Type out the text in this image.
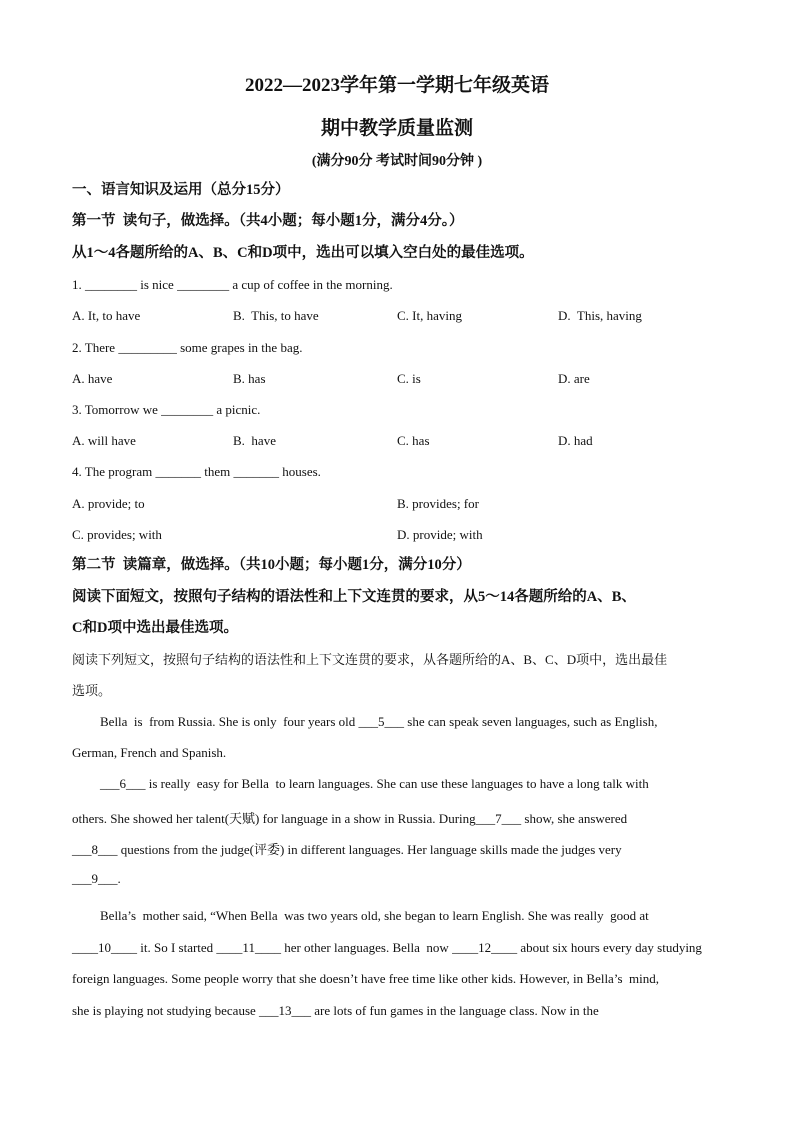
2022—2023学年第一学期七年级英语
期中教学质量监测
(满分90分 考试时间90分钟 )
一、语言知识及运用（总分15分）
第一节  读句子，做选择。（共4小题；每小题1分，满分4分。）
从1～4各题所给的A、B、C和D项中，选出可以填入空白处的最佳选项。
1. ________ is nice ________ a cup of coffee in the morning.
A. It, to have	B.  This, to have	C. It, having	D.  This, having
2. There _________ some grapes in the bag.
A. have	B. has	C. is	D. are
3. Tomorrow we ________ a picnic.
A. will have	B.  have	C. has	D. had
4. The program _______ them _______ houses.
A. provide; to	B. provides; for
C. provides; with	D. provide; with
第二节  读篇章，做选择。（共10小题；每小题1分，满分10分）
阅读下面短文，按照句子结构的语法性和上下文连贯的要求，从5～14各题所给的A、B、
C和D项中选出最佳选项。
阅读下列短文，按照句子结构的语法性和上下文连贯的要求，从各题所给的A、B、C、D项中，选出最佳
选项。
Bella  is  from Russia. She is only  four years old ___5___ she can speak seven languages, such as English,
German, French and Spanish.
___6___ is really  easy for Bella  to learn languages. She can use these languages to have a long talk with
others. She showed her talent(天赋) for language in a show in Russia. During___7___ show, she answered
___8___ questions from the judge(评委) in different languages. Her language skills made the judges very
___9___.
Bella’s  mother said, “When Bella  was two years old, she began to learn English. She was really  good at
____10____ it. So I started ____11____ her other languages. Bella  now ____12____ about six hours every day studying
foreign languages. Some people worry that she doesn’t have free time like other kids. However, in Bella’s  mind,
she is playing not studying because ___13___ are lots of fun games in the language class. Now in the
